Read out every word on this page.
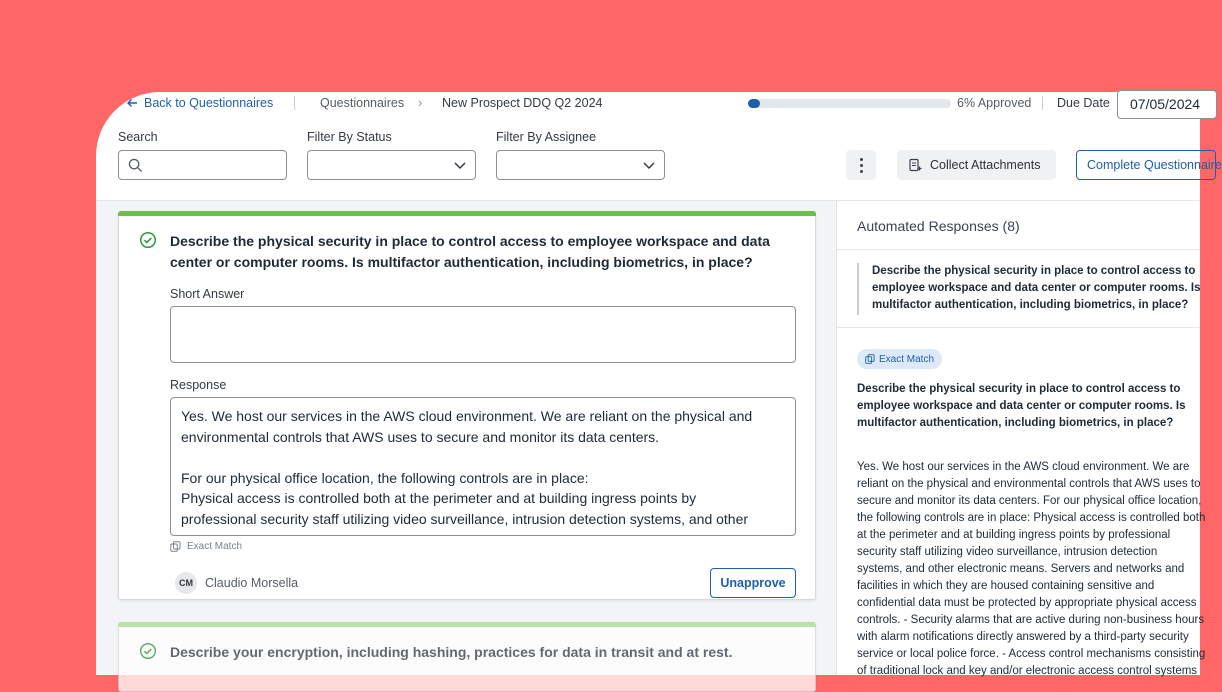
Back to Questionnaires	Questionnaires › New Prospect DDQ Q2 2024	6% Approved Due Date	07/05/2024
Search	Filter By Status	Filter By Assignee
Collect Attachments	Complete Questionnaire
Describe the physical security in place to control access to employee workspace and data
center or computer rooms. Is multifactor authentication, including biometrics, in place?
Short Answer
Response
Yes. We host our services in the AWS cloud environment. We are reliant on the physical and
environmental controls that AWS uses to secure and monitor its data centers.
For our physical office location, the following controls are in place:
Physical access is controlled both at the perimeter and at building ingress points by
professional security staff utilizing video surveillance, intrusion detection systems, and other
Exact Match
CM Claudio Morsella	Unapprove
Describe your encryption, including hashing, practices for data in transit and at rest.
Automated Responses (8)
Describe the physical security in place to control access to
employee workspace and data center or computer rooms. Is
multifactor authentication, including biometrics, in place?
Exact Match
Describe the physical security in place to control access to
employee workspace and data center or computer rooms. Is
multifactor authentication, including biometrics, in place?
Yes. We host our services in the AWS cloud environment. We are
reliant on the physical and environmental controls that AWS uses to
secure and monitor its data centers. For our physical office location,
the following controls are in place: Physical access is controlled both
at the perimeter and at building ingress points by professional
security staff utilizing video surveillance, intrusion detection
systems, and other electronic means. Servers and networks and
facilities in which they are housed containing sensitive and
confidential data must be protected by appropriate physical access
controls. - Security alarms that are active during non-business hours
with alarm notifications directly answered by a third-party security
service or local police force. - Access control mechanisms consisting
of traditional lock and key and/or electronic access control systems
